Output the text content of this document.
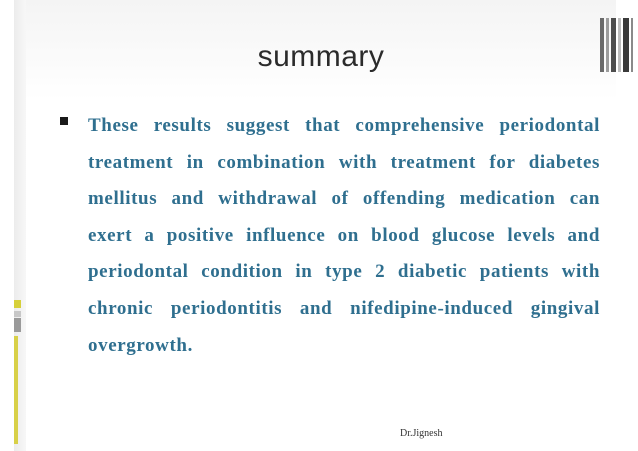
summary

These results suggest that comprehensive periodontal treatment in combination with treatment for diabetes mellitus and withdrawal of offending medication can exert a positive influence on blood glucose levels and periodontal condition in type 2 diabetic patients with chronic periodontitis and nifedipine-induced gingival overgrowth.

Dr.Jignesh
